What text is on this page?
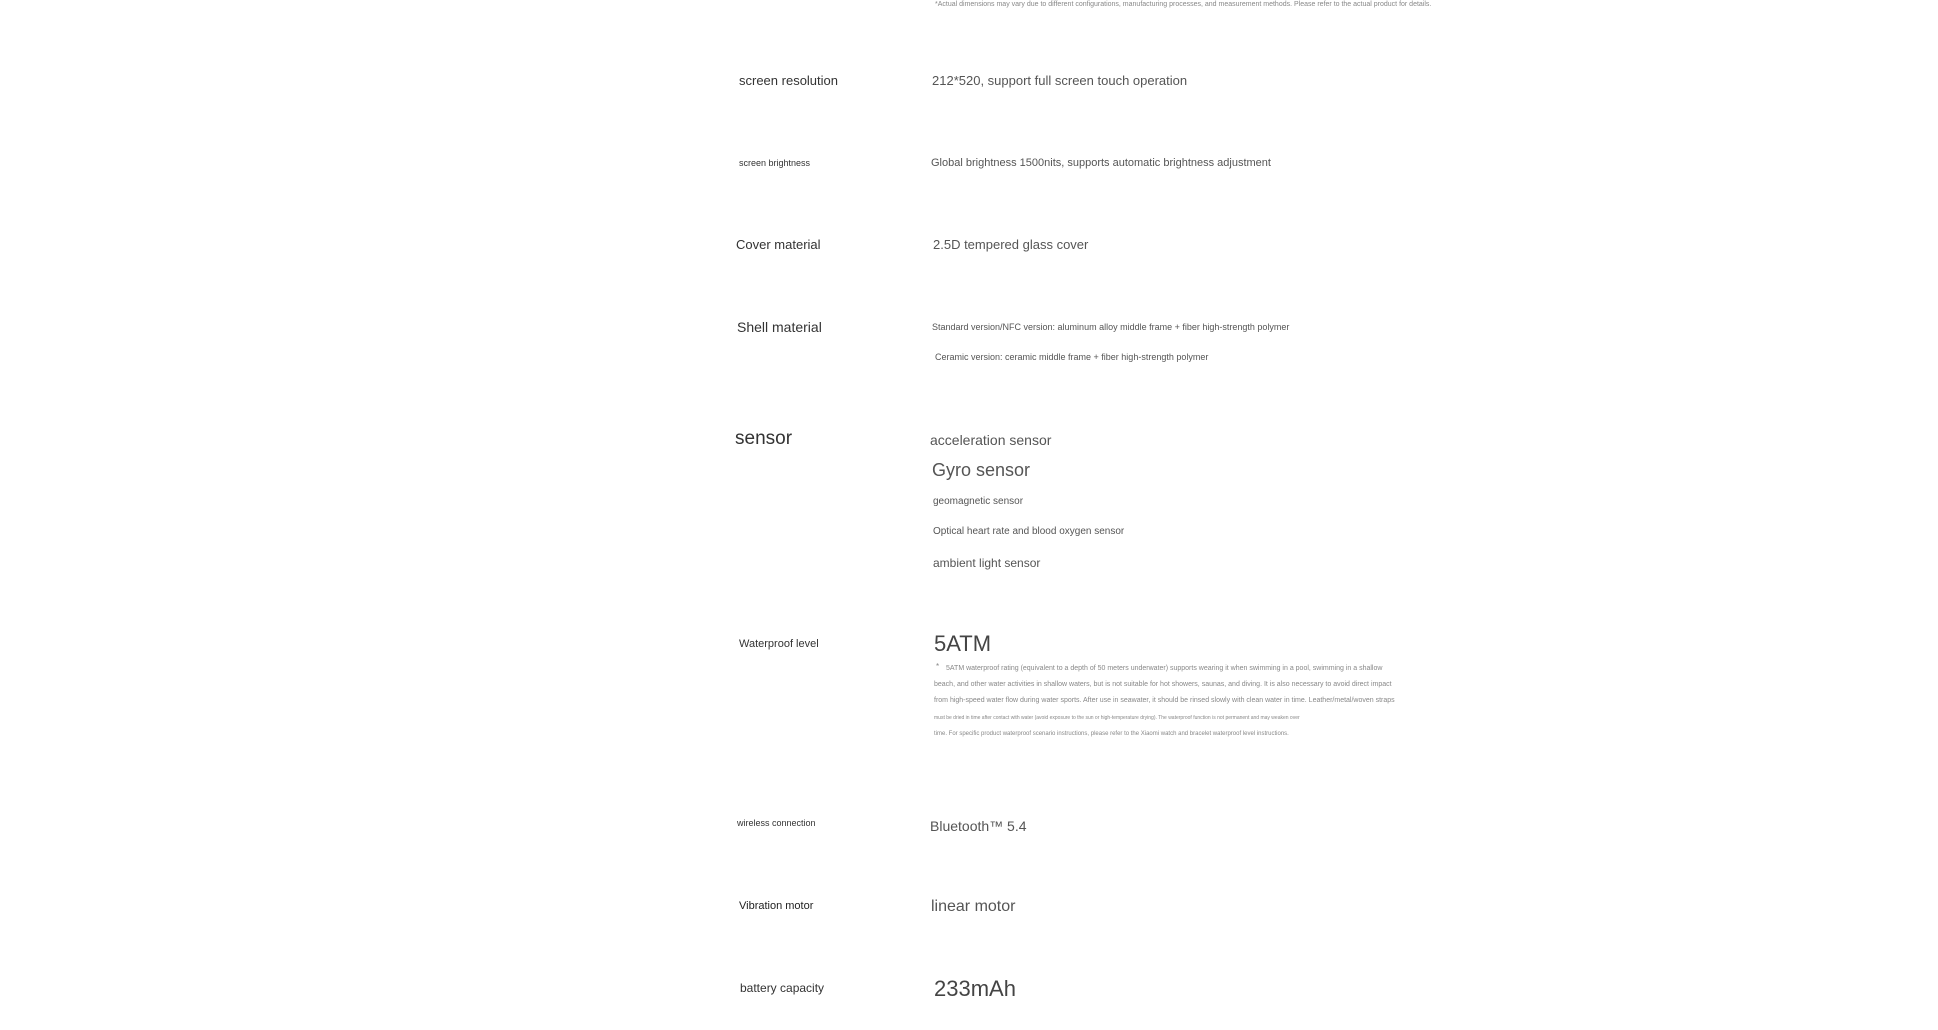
*Actual dimensions may vary due to different configurations, manufacturing processes, and measurement methods. Please refer to the actual product for details.
screen resolution	212*520, support full screen touch operation
screen brightness	Global brightness 1500nits, supports automatic brightness adjustment
Cover material	2.5D tempered glass cover
Shell material	Standard version/NFC version: aluminum alloy middle frame + fiber high-strength polymer
Ceramic version: ceramic middle frame + fiber high-strength polymer
sensor	acceleration sensor
Gyro sensor
geomagnetic sensor
Optical heart rate and blood oxygen sensor
ambient light sensor
Waterproof level	5ATM
* 5ATM waterproof rating (equivalent to a depth of 50 meters underwater) supports wearing it when swimming in a pool, swimming in a shallow
beach, and other water activities in shallow waters, but is not suitable for hot showers, saunas, and diving. It is also necessary to avoid direct impact
from high-speed water flow during water sports. After use in seawater, it should be rinsed slowly with clean water in time. Leather/metal/woven straps
must be dried in time after contact with water (avoid exposure to the sun or high-temperature drying). The waterproof function is not permanent and may weaken over
time. For specific product waterproof scenario instructions, please refer to the Xiaomi watch and bracelet waterproof level instructions.
wireless connection	Bluetooth™ 5.4
Vibration motor	linear motor
battery capacity	233mAh
